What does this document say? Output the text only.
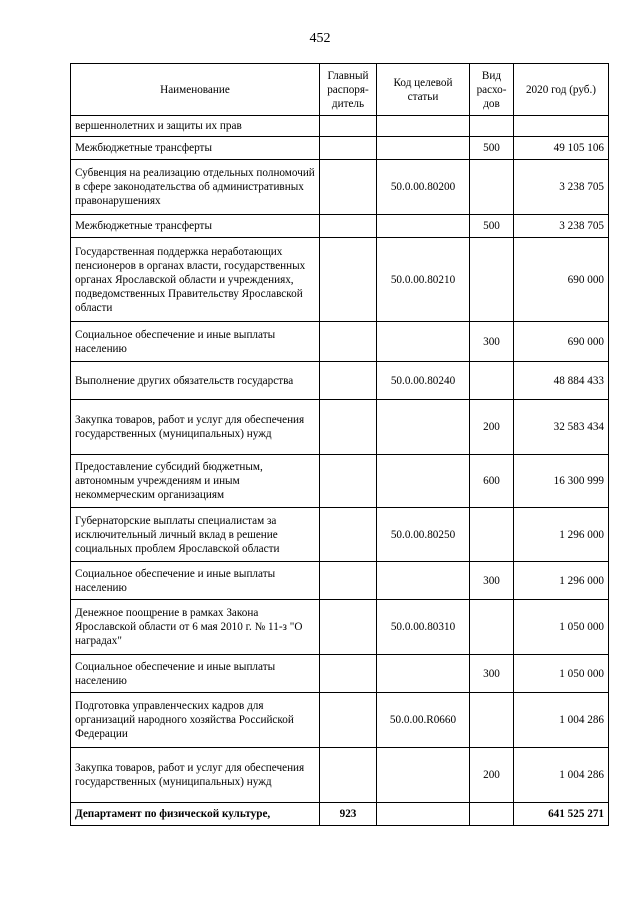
452
Наименование	Главный распоря-дитель	Код целевой статьи	Вид расхо-дов	2020 год (руб.)
вершеннолетних и защиты их прав				
Межбюджетные трансферты			500	49 105 106
Субвенция на реализацию отдельных полномочий в сфере законодательства об административных правонарушениях		50.0.00.80200		3 238 705
Межбюджетные трансферты			500	3 238 705
Государственная поддержка неработающих пенсионеров в органах власти, государственных органах Ярославской области и учреждениях, подведомственных Правительству Ярославской области		50.0.00.80210		690 000
Социальное обеспечение и иные выплаты населению			300	690 000
Выполнение других обязательств государства		50.0.00.80240		48 884 433
Закупка товаров, работ и услуг для обеспечения государственных (муниципальных) нужд			200	32 583 434
Предоставление субсидий бюджетным, автономным учреждениям и иным некоммерческим организациям			600	16 300 999
Губернаторские выплаты специалистам за исключительный личный вклад в решение социальных проблем Ярославской области		50.0.00.80250		1 296 000
Социальное обеспечение и иные выплаты населению			300	1 296 000
Денежное поощрение в рамках Закона Ярославской области от 6 мая 2010 г. № 11-з "О наградах"		50.0.00.80310		1 050 000
Социальное обеспечение и иные выплаты населению			300	1 050 000
Подготовка управленческих кадров для организаций народного хозяйства Российской Федерации		50.0.00.R0660		1 004 286
Закупка товаров, работ и услуг для обеспечения государственных (муниципальных) нужд			200	1 004 286
Департамент по физической культуре,	923			641 525 271
